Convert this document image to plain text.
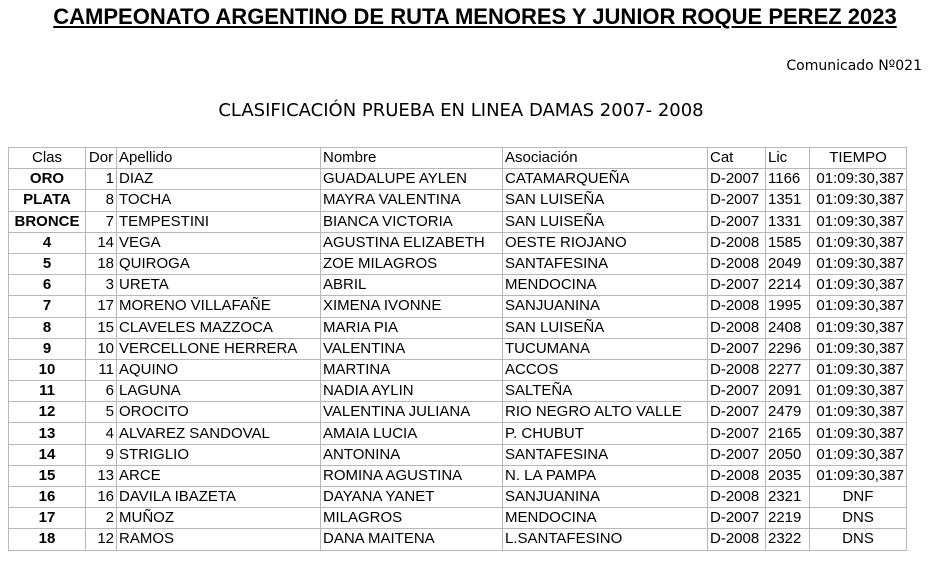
CAMPEONATO ARGENTINO DE RUTA MENORES Y JUNIOR ROQUE PEREZ 2023
Comunicado Nº021
CLASIFICACIÓN PRUEBA EN LINEA DAMAS 2007- 2008
Clas	Dor	Apellido	Nombre	Asociación	Cat	Lic	TIEMPO
ORO	1	DIAZ	GUADALUPE AYLEN	CATAMARQUEÑA	D-2007	1166	01:09:30,387
PLATA	8	TOCHA	MAYRA VALENTINA	SAN LUISEÑA	D-2007	1351	01:09:30,387
BRONCE	7	TEMPESTINI	BIANCA VICTORIA	SAN LUISEÑA	D-2007	1331	01:09:30,387
4	14	VEGA	AGUSTINA ELIZABETH	OESTE RIOJANO	D-2008	1585	01:09:30,387
5	18	QUIROGA	ZOE MILAGROS	SANTAFESINA	D-2008	2049	01:09:30,387
6	3	URETA	ABRIL	MENDOCINA	D-2007	2214	01:09:30,387
7	17	MORENO VILLAFAÑE	XIMENA IVONNE	SANJUANINA	D-2008	1995	01:09:30,387
8	15	CLAVELES MAZZOCA	MARIA PIA	SAN LUISEÑA	D-2008	2408	01:09:30,387
9	10	VERCELLONE HERRERA	VALENTINA	TUCUMANA	D-2007	2296	01:09:30,387
10	11	AQUINO	MARTINA	ACCOS	D-2008	2277	01:09:30,387
11	6	LAGUNA	NADIA AYLIN	SALTEÑA	D-2007	2091	01:09:30,387
12	5	OROCITO	VALENTINA JULIANA	RIO NEGRO ALTO VALLE	D-2007	2479	01:09:30,387
13	4	ALVAREZ SANDOVAL	AMAIA LUCIA	P. CHUBUT	D-2007	2165	01:09:30,387
14	9	STRIGLIO	ANTONINA	SANTAFESINA	D-2007	2050	01:09:30,387
15	13	ARCE	ROMINA AGUSTINA	N. LA PAMPA	D-2008	2035	01:09:30,387
16	16	DAVILA IBAZETA	DAYANA YANET	SANJUANINA	D-2008	2321	DNF
17	2	MUÑOZ	MILAGROS	MENDOCINA	D-2007	2219	DNS
18	12	RAMOS	DANA MAITENA	L.SANTAFESINO	D-2008	2322	DNS
